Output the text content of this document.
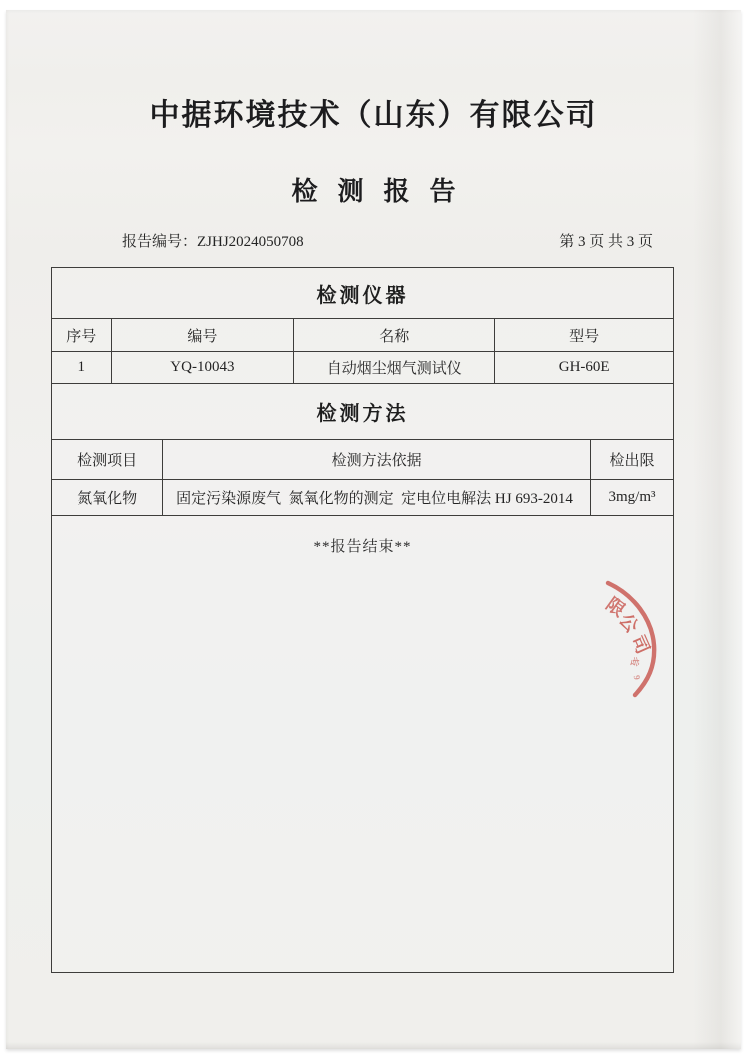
中据环境技术（山东）有限公司
检测报告
报告编号：ZJHJ2024050708	第 3 页 共 3 页
检测仪器
序号	编号	名称	型号
1	YQ-10043	自动烟尘烟气测试仪	GH-60E
检测方法
检测项目	检测方法依据	检出限
氮氧化物	固定污染源废气  氮氧化物的测定  定电位电解法 HJ 693-2014	3mg/m³
**报告结束**
限
公
司
专
9
